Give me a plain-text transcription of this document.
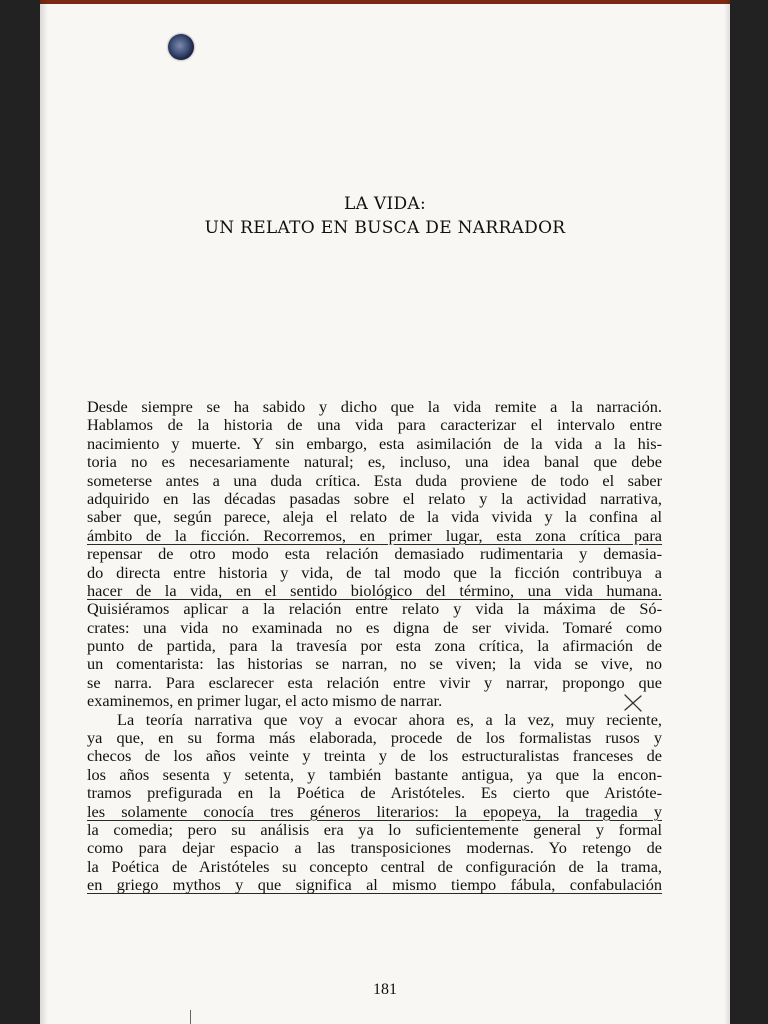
LA VIDA:
UN RELATO EN BUSCA DE NARRADOR
Desde siempre se ha sabido y dicho que la vida remite a la narración.
Hablamos de la historia de una vida para caracterizar el intervalo entre
nacimiento y muerte. Y sin embargo, esta asimilación de la vida a la his-
toria no es necesariamente natural; es, incluso, una idea banal que debe
someterse antes a una duda crítica. Esta duda proviene de todo el saber
adquirido en las décadas pasadas sobre el relato y la actividad narrativa,
saber que, según parece, aleja el relato de la vida vivida y la confina al
ámbito de la ficción. Recorremos, en primer lugar, esta zona crítica para
repensar de otro modo esta relación demasiado rudimentaria y demasia-
do directa entre historia y vida, de tal modo que la ficción contribuya a
hacer de la vida, en el sentido biológico del término, una vida humana.
Quisiéramos aplicar a la relación entre relato y vida la máxima de Só-
crates: una vida no examinada no es digna de ser vivida. Tomaré como
punto de partida, para la travesía por esta zona crítica, la afirmación de
un comentarista: las historias se narran, no se viven; la vida se vive, no
se narra. Para esclarecer esta relación entre vivir y narrar, propongo que
examinemos, en primer lugar, el acto mismo de narrar.
La teoría narrativa que voy a evocar ahora es, a la vez, muy reciente,
ya que, en su forma más elaborada, procede de los formalistas rusos y
checos de los años veinte y treinta y de los estructuralistas franceses de
los años sesenta y setenta, y también bastante antigua, ya que la encon-
tramos prefigurada en la Poética de Aristóteles. Es cierto que Aristóte-
les solamente conocía tres géneros literarios: la epopeya, la tragedia y
la comedia; pero su análisis era ya lo suficientemente general y formal
como para dejar espacio a las transposiciones modernas. Yo retengo de
la Poética de Aristóteles su concepto central de configuración de la trama,
en griego mythos y que significa al mismo tiempo fábula, confabulación
181
